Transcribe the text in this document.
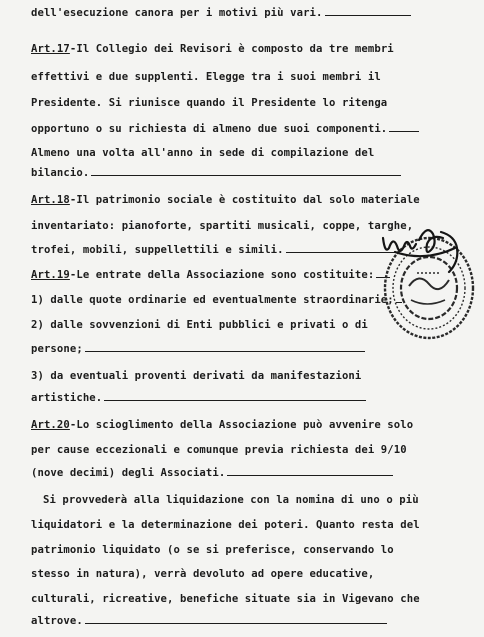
dell'esecuzione canora per i motivi più vari.
Art.17-Il Collegio dei Revisori è composto da tre membri
effettivi e due supplenti. Elegge tra i suoi membri il
Presidente. Si riunisce quando il Presidente lo ritenga
opportuno o su richiesta di almeno due suoi componenti.
Almeno una volta all'anno in sede di compilazione del
bilancio.
Art.18-Il patrimonio sociale è costituito dal solo materiale
inventariato: pianoforte, spartiti musicali, coppe, targhe,
trofei, mobili, suppellettili e simili.
Art.19-Le entrate della Associazione sono costituite:
1) dalle quote ordinarie ed eventualmente straordinarie;
2) dalle sovvenzioni di Enti pubblici e privati o di
persone;
3) da eventuali proventi derivati da manifestazioni
artistiche.
Art.20-Lo scioglimento della Associazione può avvenire solo
per cause eccezionali e comunque previa richiesta dei 9/10
(nove decimi) degli Associati.
Si provvederà alla liquidazione con la nomina di uno o più
liquidatori e la determinazione dei poteri. Quanto resta del
patrimonio liquidato (o se si preferisce, conservando lo
stesso in natura), verrà devoluto ad opere educative,
culturali, ricreative, benefiche situate sia in Vigevano che
altrove.
